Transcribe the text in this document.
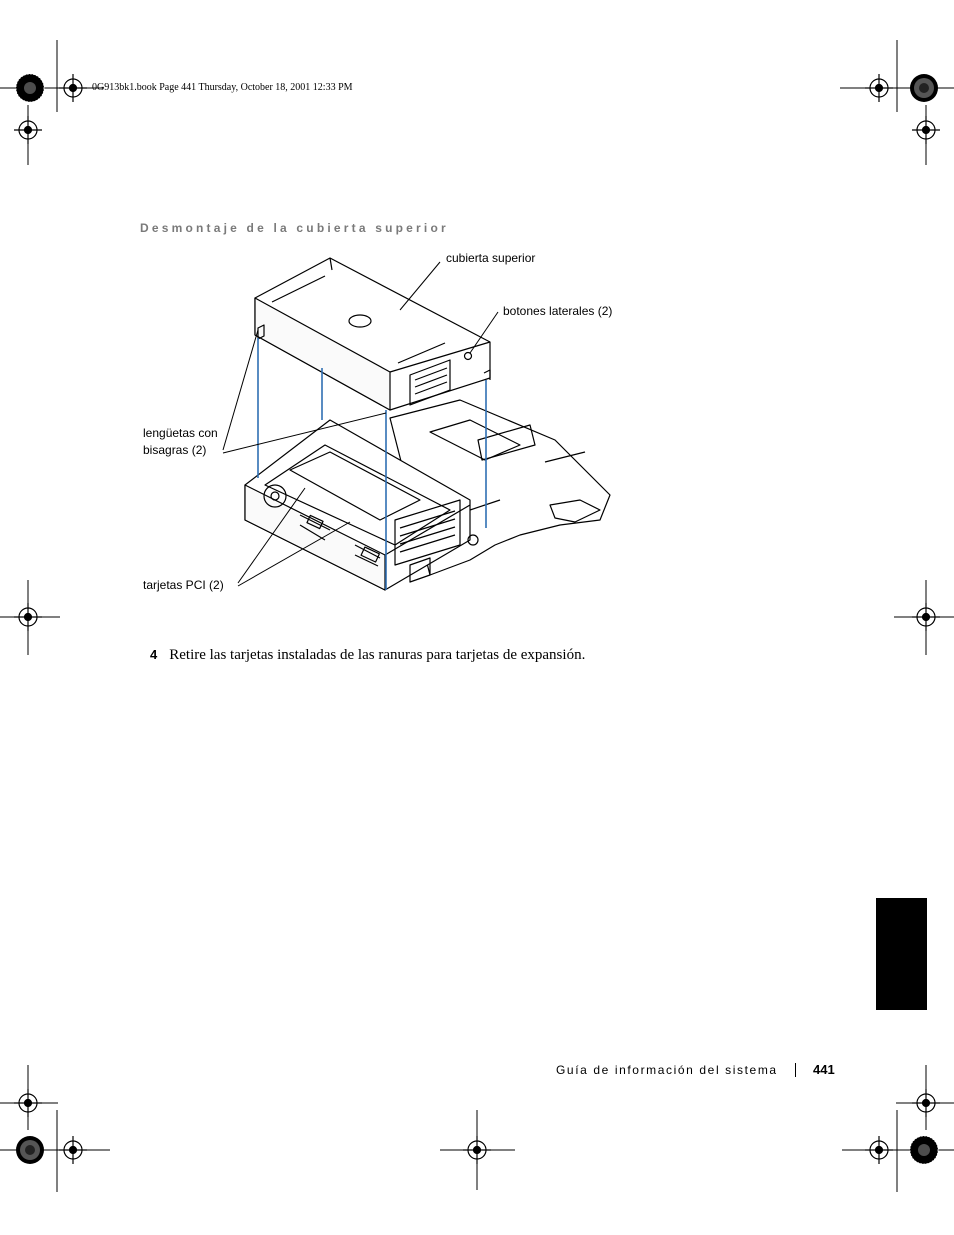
0G913bk1.book Page 441 Thursday, October 18, 2001 12:33 PM
Desmontaje de la cubierta superior
cubierta superior
botones laterales (2)
lengüetas con
bisagras (2)
tarjetas PCI (2)
4 Retire las tarjetas instaladas de las ranuras para tarjetas de expansión.
Guía de información del sistema	441
